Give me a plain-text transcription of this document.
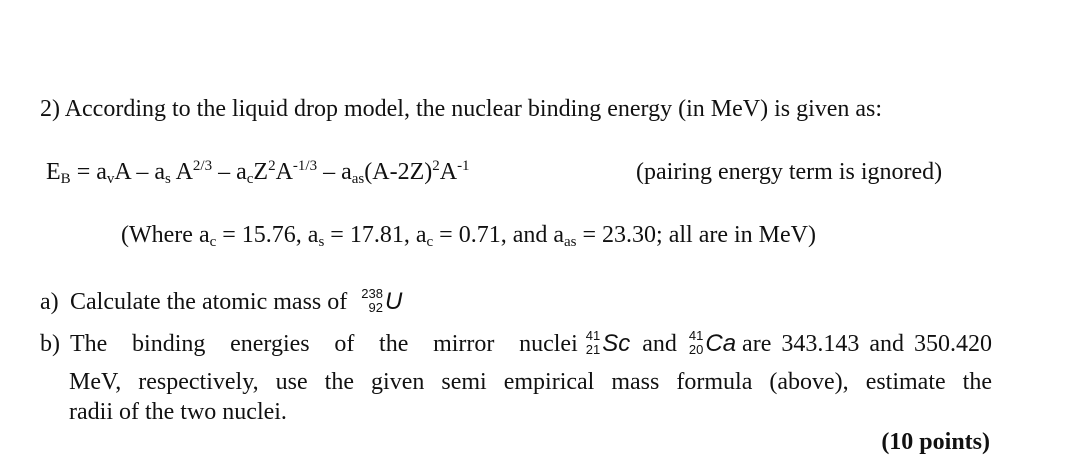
2) According to the liquid drop model, the nuclear binding energy (in MeV) is given as:
$E_B = a_vA - a_s$ $A^{2/3} - a_cZ^2A^{-1/3} - a_{as}(A-2Z)^2A^{-1}$	(pairing energy term is ignored)
(Where $a_c = 15.76$, $a_s = 17.81$, $a_c = 0.71$, and $a_{as} = 23.30$; all are in MeV)
a) Calculate the atomic mass of 238
92 U
b) The binding energies of the mirror nuclei 41
21 Sc and 41
20 Ca are 343.143 and 350.420
MeV, respectively, use the given semi empirical mass formula (above), estimate the
radii of the two nuclei.
(10 points)
